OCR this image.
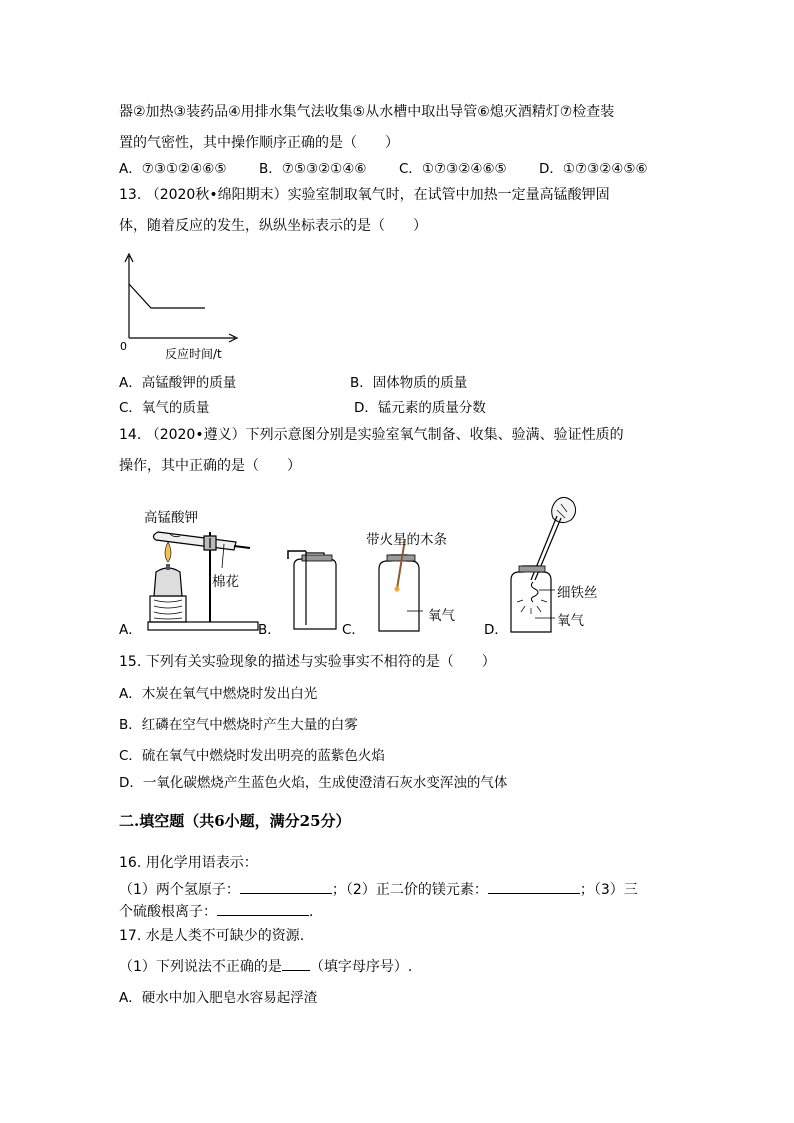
器②加热③装药品④用排水集气法收集⑤从水槽中取出导管⑥熄灭酒精灯⑦检查装
置的气密性，其中操作顺序正确的是（　　）
A．⑦③①②④⑥⑤ B．⑦⑤③②①④⑥ C．①⑦③②④⑥⑤ D．①⑦③②④⑤⑥
13. （2020秋•绵阳期末）实验室制取氧气时，在试管中加热一定量高锰酸钾固
体，随着反应的发生，纵纵坐标表示的是（　　）
0
反应时间/t
A．高锰酸钾的质量	B．固体物质的质量
C．氧气的质量	D．锰元素的质量分数
14. （2020•遵义）下列示意图分别是实验室氧气制备、收集、验满、验证性质的
操作，其中正确的是（　　）
高锰酸钾
棉花
带火星的木条
氧气
细铁丝
氧气
A．	B．	C．	D．
15. 下列有关实验现象的描述与实验事实不相符的是（　　）
A．木炭在氧气中燃烧时发出白光
B．红磷在空气中燃烧时产生大量的白雾
C．硫在氧气中燃烧时发出明亮的蓝紫色火焰
D．一氧化碳燃烧产生蓝色火焰，生成使澄清石灰水变浑浊的气体
二.填空题（共6小题，满分25分）
16. 用化学用语表示：
（1）两个氢原子：	；（2）正二价的镁元素：	；（3）三
个硫酸根离子：	.
17. 水是人类不可缺少的资源.
（1）下列说法不正确的是 （填字母序号）.
A．硬水中加入肥皂水容易起浮渣
